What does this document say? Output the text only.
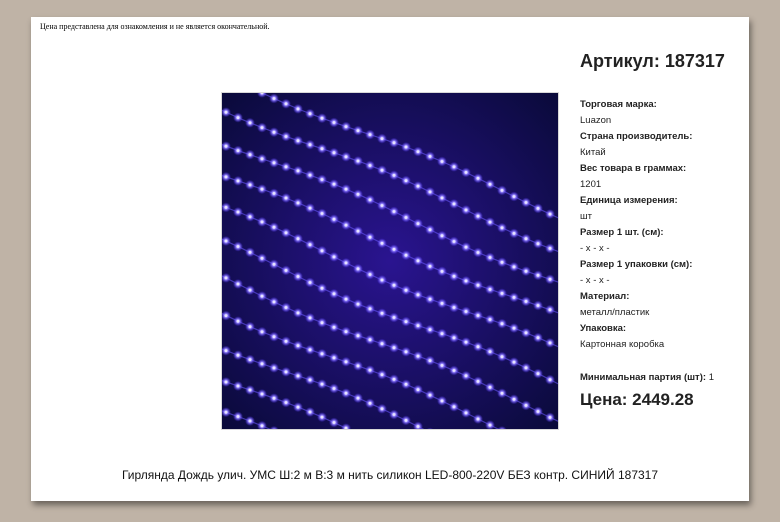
Цена представлена для ознакомления и не является окончательной.
Артикул: 187317
Торговая марка:
Luazon
Страна производитель:
Китай
Вес товара в граммах:
1201
Единица измерения:
шт
Размер 1 шт. (см):
- x - x -
Размер 1 упаковки (см):
- x - x -
Материал:
металл/пластик
Упаковка:
Картонная коробка
Минимальная партия (шт): 1
Цена: 2449.28
Гирлянда Дождь улич. УМС Ш:2 м В:3 м нить силикон LED-800-220V БЕЗ контр. СИНИЙ 187317
